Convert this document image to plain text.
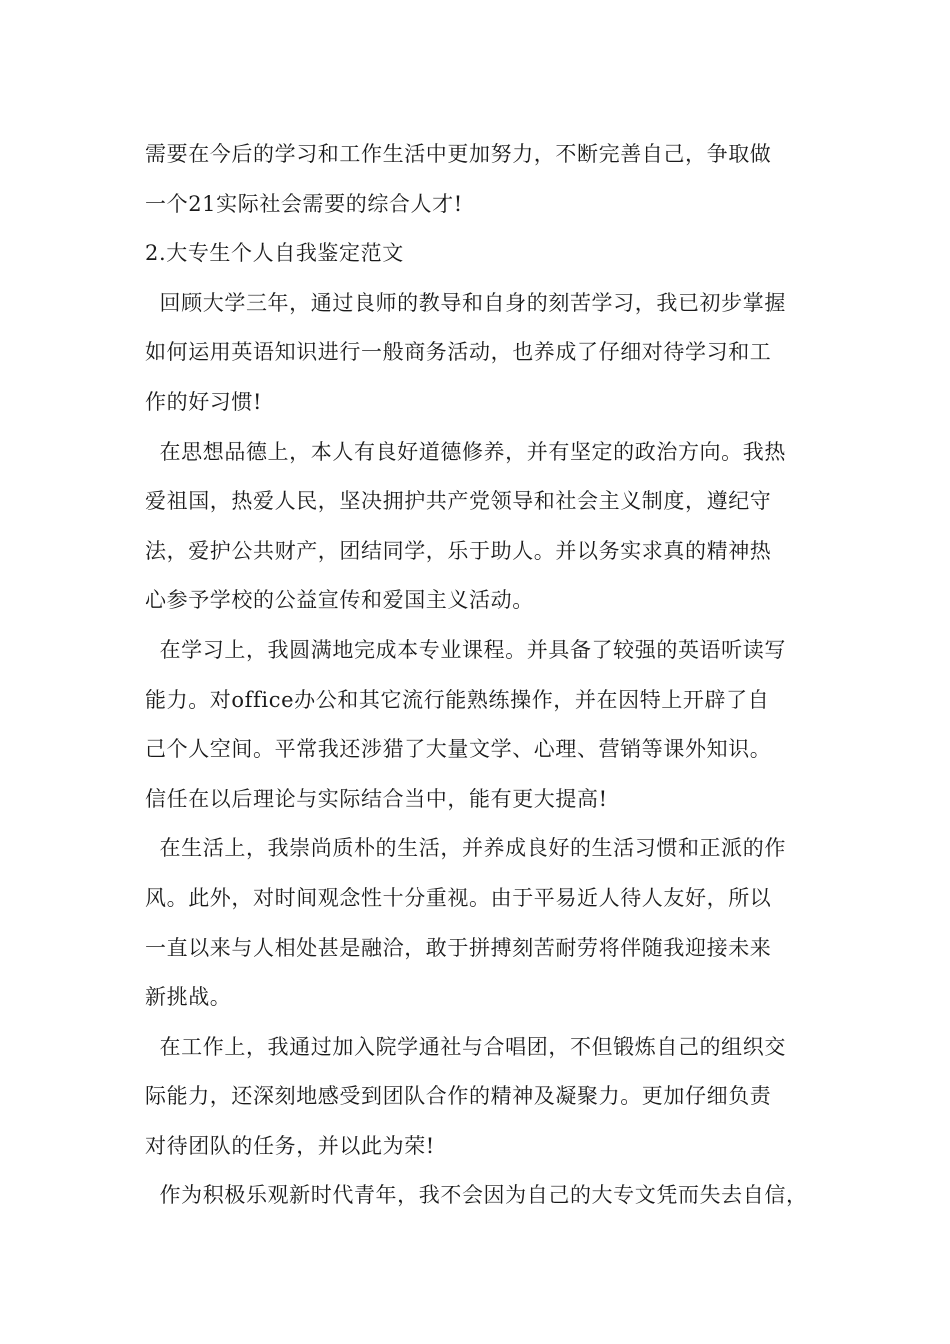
需要在今后的学习和工作生活中更加努力，不断完善自己，争取做
一个21实际社会需要的综合人才!
2.大专生个人自我鉴定范文
回顾大学三年，通过良师的教导和自身的刻苦学习，我已初步掌握
如何运用英语知识进行一般商务活动，也养成了仔细对待学习和工
作的好习惯!
在思想品德上，本人有良好道德修养，并有坚定的政治方向。我热
爱祖国，热爱人民，坚决拥护共产党领导和社会主义制度，遵纪守
法，爱护公共财产，团结同学，乐于助人。并以务实求真的精神热
心参予学校的公益宣传和爱国主义活动。
在学习上，我圆满地完成本专业课程。并具备了较强的英语听读写
能力。对office办公和其它流行能熟练操作，并在因特上开辟了自
己个人空间。平常我还涉猎了大量文学、心理、营销等课外知识。
信任在以后理论与实际结合当中，能有更大提高!
在生活上，我崇尚质朴的生活，并养成良好的生活习惯和正派的作
风。此外，对时间观念性十分重视。由于平易近人待人友好，所以
一直以来与人相处甚是融洽，敢于拼搏刻苦耐劳将伴随我迎接未来
新挑战。
在工作上，我通过加入院学通社与合唱团，不但锻炼自己的组织交
际能力，还深刻地感受到团队合作的精神及凝聚力。更加仔细负责
对待团队的任务，并以此为荣!
作为积极乐观新时代青年，我不会因为自己的大专文凭而失去自信，
